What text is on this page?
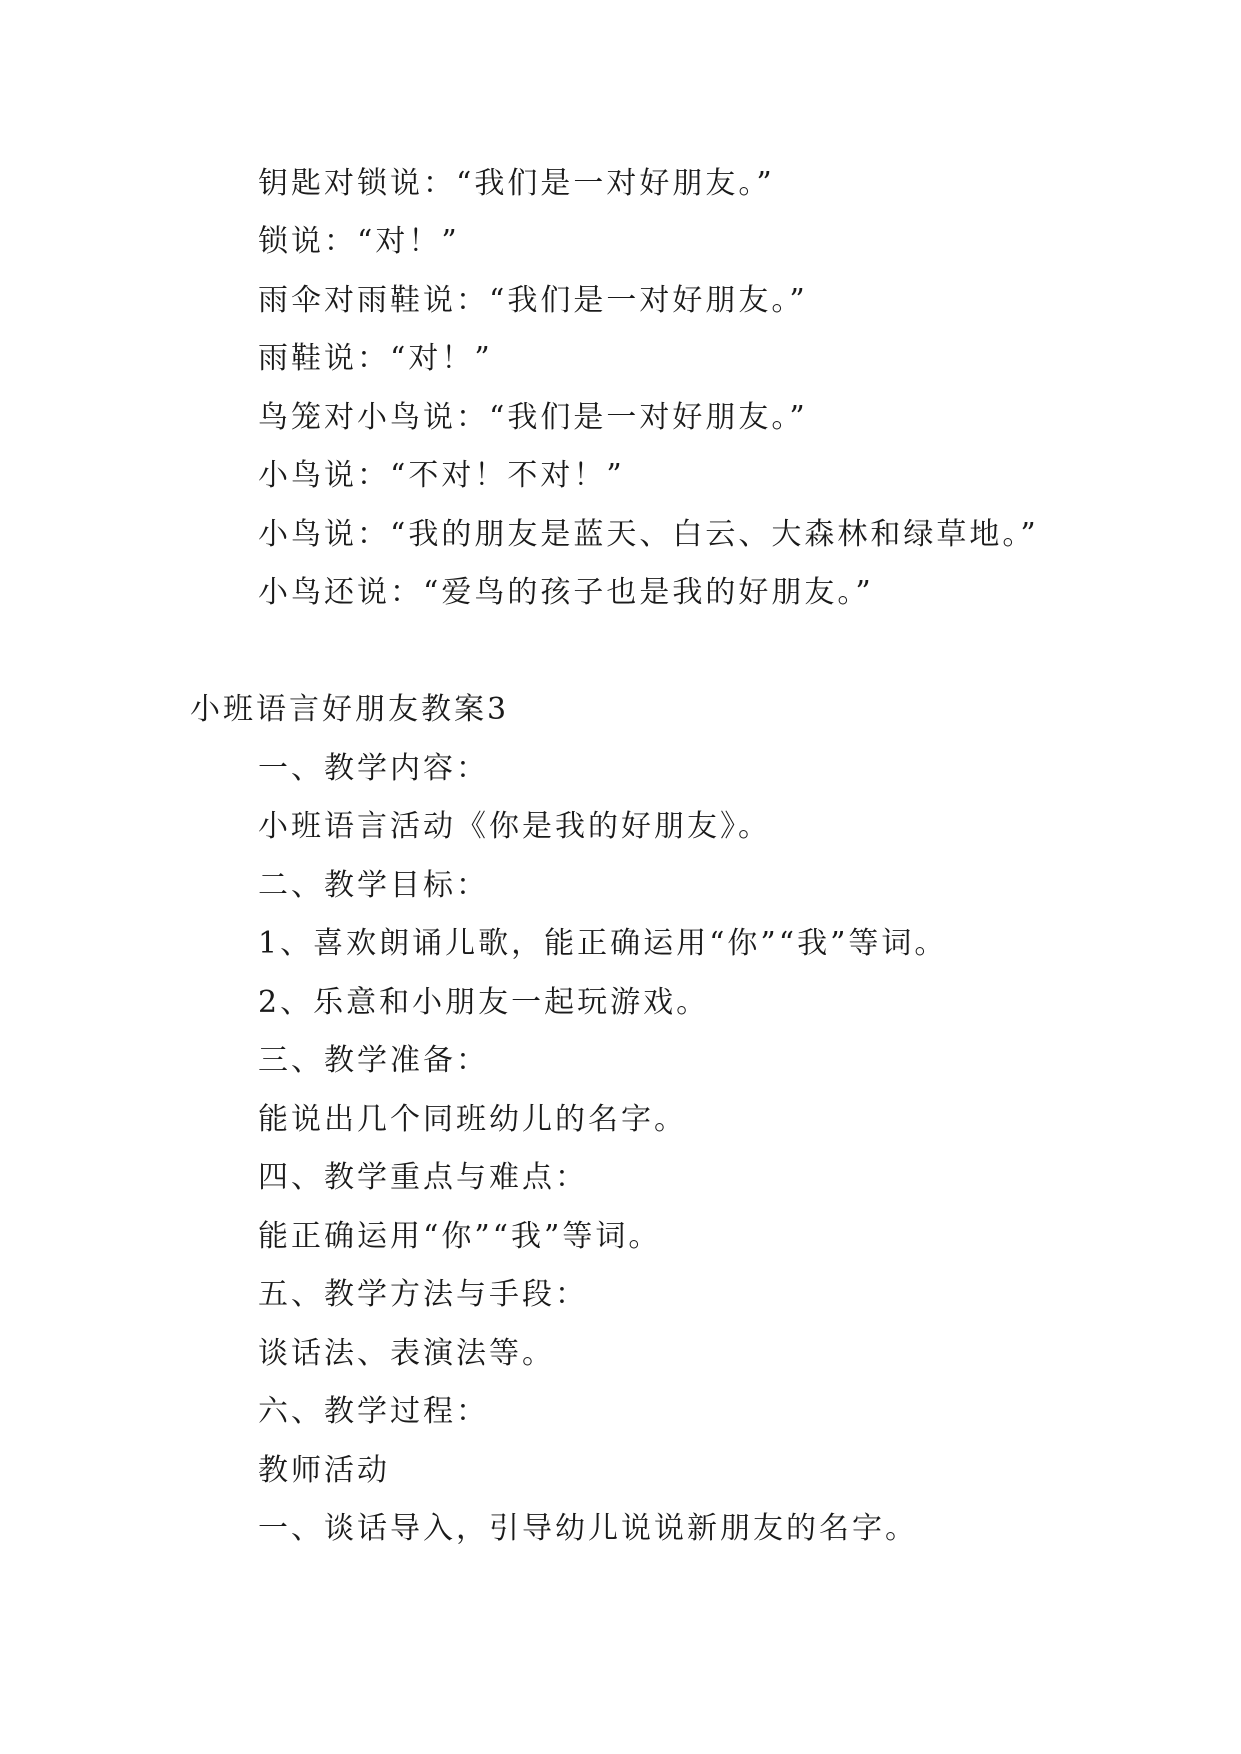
钥匙对锁说：“我们是一对好朋友。”
锁说：“对！”
雨伞对雨鞋说：“我们是一对好朋友。”
雨鞋说：“对！”
鸟笼对小鸟说：“我们是一对好朋友。”
小鸟说：“不对！不对！”
小鸟说：“我的朋友是蓝天、白云、大森林和绿草地。”
小鸟还说：“爱鸟的孩子也是我的好朋友。”
小班语言好朋友教案3
一、教学内容：
小班语言活动《你是我的好朋友》。
二、教学目标：
1、喜欢朗诵儿歌，能正确运用“你”“我”等词。
2、乐意和小朋友一起玩游戏。
三、教学准备：
能说出几个同班幼儿的名字。
四、教学重点与难点：
能正确运用“你”“我”等词。
五、教学方法与手段：
谈话法、表演法等。
六、教学过程：
教师活动
一、谈话导入，引导幼儿说说新朋友的名字。
